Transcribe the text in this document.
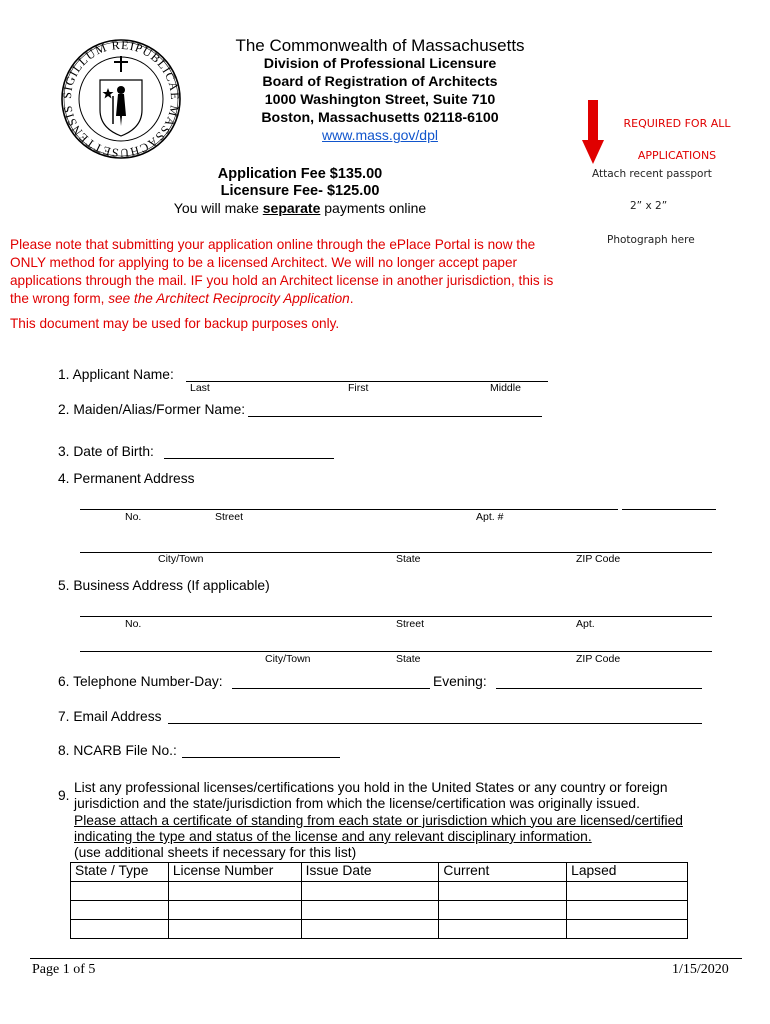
SIGILLUM REIPUBLICAE MASSACHUSETTENSIS
The Commonwealth of Massachusetts
Division of Professional Licensure
Board of Registration of Architects
1000 Washington Street, Suite 710
Boston, Massachusetts 02118-6100
www.mass.gov/dpl
Application Fee $135.00
Licensure Fee- $125.00
You will make separate payments online
REQUIRED FOR ALL
APPLICATIONS
Attach recent passport
2” x 2”
Photograph here
Please note that submitting your application online through the ePlace Portal is now the ONLY method for applying to be a licensed Architect. We will no longer accept paper applications through the mail. IF you hold an Architect license in another jurisdiction, this is the wrong form, see the Architect Reciprocity Application.
This document may be used for backup purposes only.
1. Applicant Name:
Last	First	Middle
2. Maiden/Alias/Former Name:
3. Date of Birth:
4. Permanent Address
No.	Street	Apt. #
City/Town	State	ZIP Code
5. Business Address (If applicable)
No.	Street	Apt.
City/Town	State	ZIP Code
6. Telephone Number-Day:	Evening:
7. Email Address
8. NCARB File No.:
9.
List any professional licenses/certifications you hold in the United States or any country or foreign
jurisdiction and the state/jurisdiction from which the license/certification was originally issued.
Please attach a certificate of standing from each state or jurisdiction which you are licensed/certified
indicating the type and status of the license and any relevant disciplinary information.
(use additional sheets if necessary for this list)
State / Type	License Number	Issue Date	Current	Lapsed

Page 1 of 5	1/15/2020
